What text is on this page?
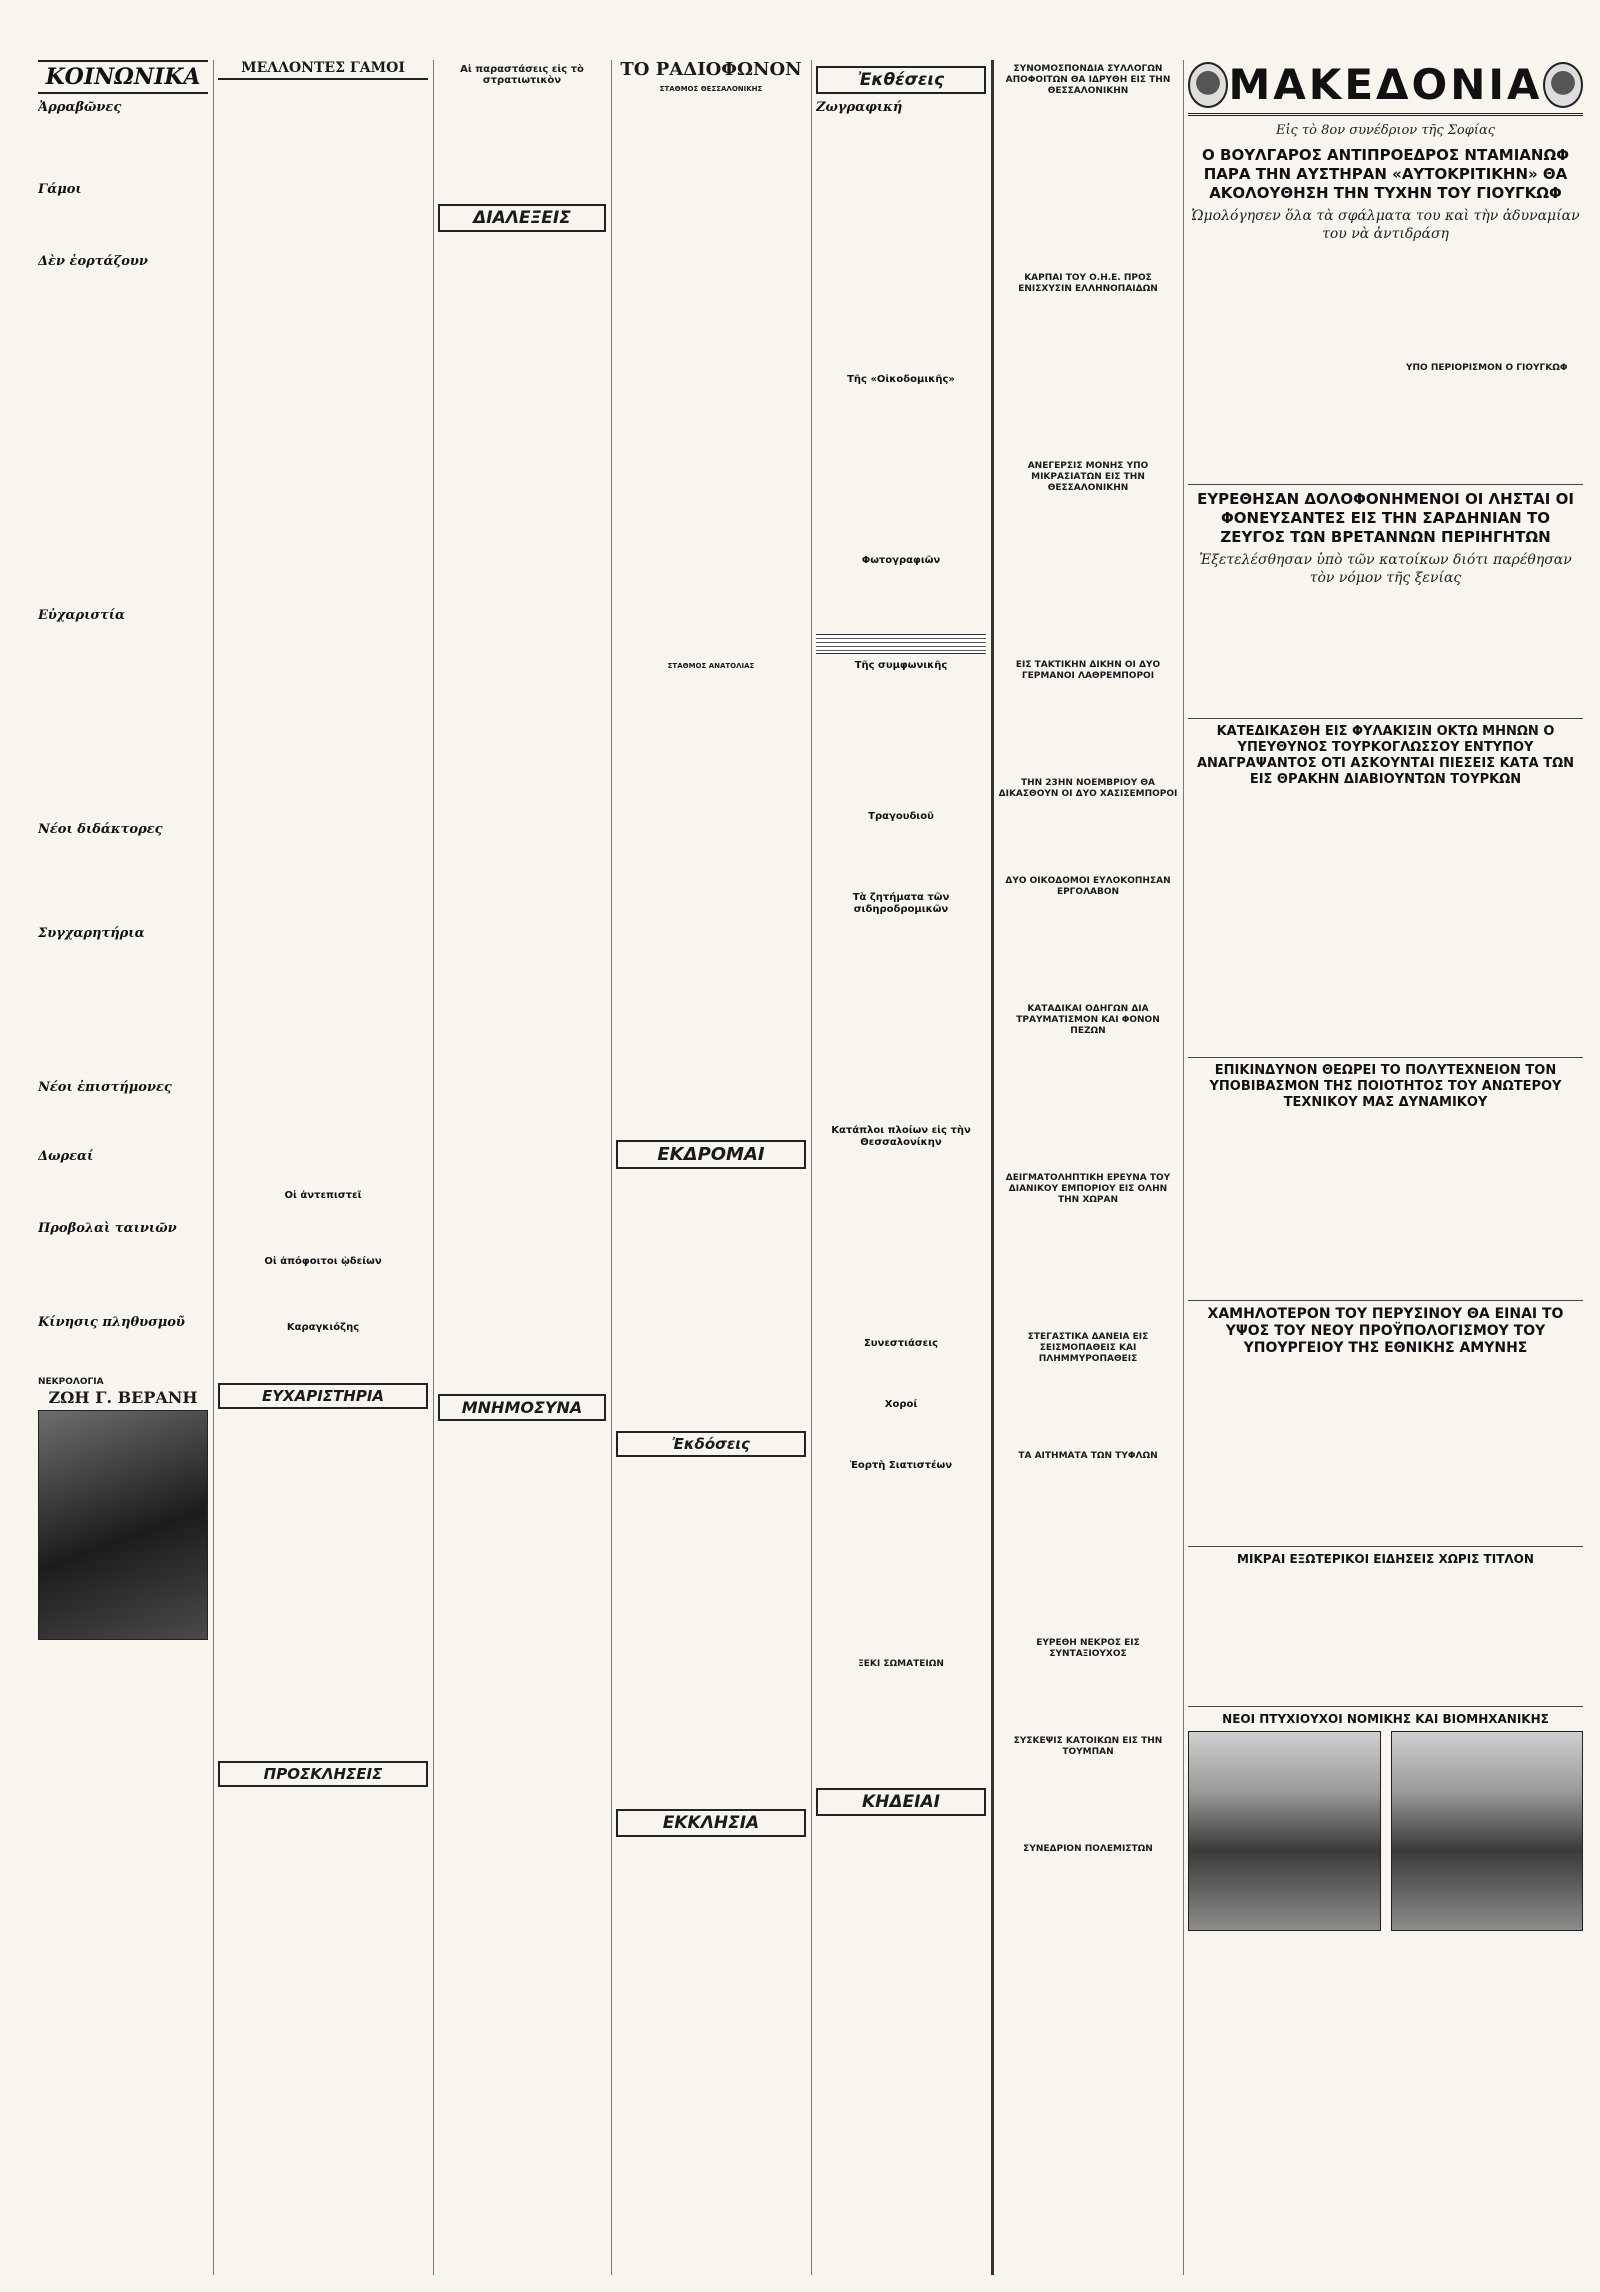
ΚΟΙΝΩΝΙΚΑ
Ἀρραβῶνες
Γάμοι
Δὲν ἑορτάζουν
Εὐχαριστία
Νέοι διδάκτορες
Συγχαρητήρια
Νέοι ἐπιστήμονες
Δωρεαί
Προβολαὶ ταινιῶν
Κίνησις πληθυσμοῦ
ΝΕΚΡΟΛΟΓΙΑ
ΖΩΗ Γ. ΒΕΡΑΝΗ
ΜΕΛΛΟΝΤΕΣ ΓΑΜΟΙ
Οἱ ἀντεπιστεῖ
Οἱ ἀπόφοιτοι ᾠδείων
Καραγκιόζης
ΕΥΧΑΡΙΣΤΗΡΙΑ
ΠΡΟΣΚΛΗΣΕΙΣ
Αἱ παραστάσεις εἰς τὸ στρατιωτικὸν
ΔΙΑΛΕΞΕΙΣ
ΜΝΗΜΟΣΥΝΑ
ΤΟ ΡΑΔΙΟΦΩΝΟΝ
ΣΤΑΘΜΟΣ ΘΕΣΣΑΛΟΝΙΚΗΣ
ΣΤΑΘΜΟΣ ΑΝΑΤΟΛΙΑΣ
ΕΚΔΡΟΜΑΙ
Ἐκδόσεις
ΕΚΚΛΗΣΙΑ
Ἐκθέσεις
Ζωγραφική
Τῆς «Οἰκοδομικῆς»
Φωτογραφιῶν
Τῆς συμφωνικῆς
Τραγουδιοῦ
Τὰ ζητήματα τῶν σιδηροδρομικῶν
Κατάπλοι πλοίων εἰς τὴν Θεσσαλονίκην
Συνεστιάσεις
Χοροί
Ἑορτὴ Σιατιστέων
ΞΕΚΙ ΣΩΜΑΤΕΙΩΝ
ΚΗΔΕΙΑΙ
ΣΥΝΟΜΟΣΠΟΝΔΙΑ ΣΥΛΛΟΓΩΝ ΑΠΟΦΟΙΤΩΝ ΘΑ ΙΔΡΥΘΗ ΕΙΣ ΤΗΝ ΘΕΣΣΑΛΟΝΙΚΗΝ
ΚΑΡΠΑΙ ΤΟΥ Ο.Η.Ε. ΠΡΟΣ ΕΝΙΣΧΥΣΙΝ ΕΛΛΗΝΟΠΑΙΔΩΝ
ΑΝΕΓΕΡΣΙΣ ΜΟΝΗΣ ΥΠΟ ΜΙΚΡΑΣΙΑΤΩΝ ΕΙΣ ΤΗΝ ΘΕΣΣΑΛΟΝΙΚΗΝ
ΕΙΣ ΤΑΚΤΙΚΗΝ ΔΙΚΗΝ ΟΙ ΔΥΟ ΓΕΡΜΑΝΟΙ ΛΑΘΡΕΜΠΟΡΟΙ
ΤΗΝ 23ΗΝ ΝΟΕΜΒΡΙΟΥ ΘΑ ΔΙΚΑΣΘΟΥΝ ΟΙ ΔΥΟ ΧΑΣΙΣΕΜΠΟΡΟΙ
ΔΥΟ ΟΙΚΟΔΟΜΟΙ ΕΥΛΟΚΟΠΗΣΑΝ ΕΡΓΟΛΑΒΟΝ
ΚΑΤΑΔΙΚΑΙ ΟΔΗΓΩΝ ΔΙΑ ΤΡΑΥΜΑΤΙΣΜΟΝ ΚΑΙ ΦΟΝΟΝ ΠΕΖΩΝ
ΔΕΙΓΜΑΤΟΛΗΠΤΙΚΗ ΕΡΕΥΝΑ ΤΟΥ ΔΙΑΝΙΚΟΥ ΕΜΠΟΡΙΟΥ ΕΙΣ ΟΛΗΝ ΤΗΝ ΧΩΡΑΝ
ΣΤΕΓΑΣΤΙΚΑ ΔΑΝΕΙΑ ΕΙΣ ΣΕΙΣΜΟΠΑΘΕΙΣ ΚΑΙ ΠΛΗΜΜΥΡΟΠΑΘΕΙΣ
ΤΑ ΑΙΤΗΜΑΤΑ ΤΩΝ ΤΥΦΛΩΝ
ΕΥΡΕΘΗ ΝΕΚΡΟΣ ΕΙΣ ΣΥΝΤΑΞΙΟΥΧΟΣ
ΣΥΣΚΕΨΙΣ ΚΑΤΟΙΚΩΝ ΕΙΣ ΤΗΝ ΤΟΥΜΠΑΝ
ΣΥΝΕΔΡΙΟΝ ΠΟΛΕΜΙΣΤΩΝ
ΜΑΚΕΔΟΝΙΑ
Εἰς τὸ 8ον συνέδριον τῆς Σοφίας
Ο ΒΟΥΛΓΑΡΟΣ ΑΝΤΙΠΡΟΕΔΡΟΣ ΝΤΑΜΙΑΝΩΦ ΠΑΡΑ ΤΗΝ ΑΥΣΤΗΡΑΝ «ΑΥΤΟΚΡΙΤΙΚΗΝ» ΘΑ ΑΚΟΛΟΥΘΗΣΗ ΤΗΝ ΤΥΧΗΝ ΤΟΥ ΓΙΟΥΓΚΩΦ
Ὡμολόγησεν ὅλα τὰ σφάλματα του καὶ τὴν ἀδυναμίαν του νὰ ἀντιδράση
ΥΠΟ ΠΕΡΙΟΡΙΣΜΟΝ Ο ΓΙΟΥΓΚΩΦ
ΕΥΡΕΘΗΣΑΝ ΔΟΛΟΦΟΝΗΜΕΝΟΙ ΟΙ ΛΗΣΤΑΙ ΟΙ ΦΟΝΕΥΣΑΝΤΕΣ ΕΙΣ ΤΗΝ ΣΑΡΔΗΝΙΑΝ ΤΟ ΖΕΥΓΟΣ ΤΩΝ ΒΡΕΤΑΝΝΩΝ ΠΕΡΙΗΓΗΤΩΝ
Ἐξετελέσθησαν ὑπὸ τῶν κατοίκων διότι παρέθησαν τὸν νόμον τῆς ξενίας
ΚΑΤΕΔΙΚΑΣΘΗ ΕΙΣ ΦΥΛΑΚΙΣΙΝ ΟΚΤΩ ΜΗΝΩΝ Ο ΥΠΕΥΘΥΝΟΣ ΤΟΥΡΚΟΓΛΩΣΣΟΥ ΕΝΤΥΠΟΥ ΑΝΑΓΡΑΨΑΝΤΟΣ ΟΤΙ ΑΣΚΟΥΝΤΑΙ ΠΙΕΣΕΙΣ ΚΑΤΑ ΤΩΝ ΕΙΣ ΘΡΑΚΗΝ ΔΙΑΒΙΟΥΝΤΩΝ ΤΟΥΡΚΩΝ
ΕΠΙΚΙΝΔΥΝΟΝ ΘΕΩΡΕΙ ΤΟ ΠΟΛΥΤΕΧΝΕΙΟΝ ΤΟΝ ΥΠΟΒΙΒΑΣΜΟΝ ΤΗΣ ΠΟΙΟΤΗΤΟΣ ΤΟΥ ΑΝΩΤΕΡΟΥ ΤΕΧΝΙΚΟΥ ΜΑΣ ΔΥΝΑΜΙΚΟΥ
ΧΑΜΗΛΟΤΕΡΟΝ ΤΟΥ ΠΕΡΥΣΙΝΟΥ ΘΑ ΕΙΝΑΙ ΤΟ ΥΨΟΣ ΤΟΥ ΝΕΟΥ ΠΡΟΫΠΟΛΟΓΙΣΜΟΥ ΤΟΥ ΥΠΟΥΡΓΕΙΟΥ ΤΗΣ ΕΘΝΙΚΗΣ ΑΜΥΝΗΣ
ΜΙΚΡΑΙ ΕΞΩΤΕΡΙΚΟΙ ΕΙΔΗΣΕΙΣ ΧΩΡΙΣ ΤΙΤΛΟΝ
ΝΕΟΙ ΠΤΥΧΙΟΥΧΟΙ ΝΟΜΙΚΗΣ ΚΑΙ ΒΙΟΜΗΧΑΝΙΚΗΣ
